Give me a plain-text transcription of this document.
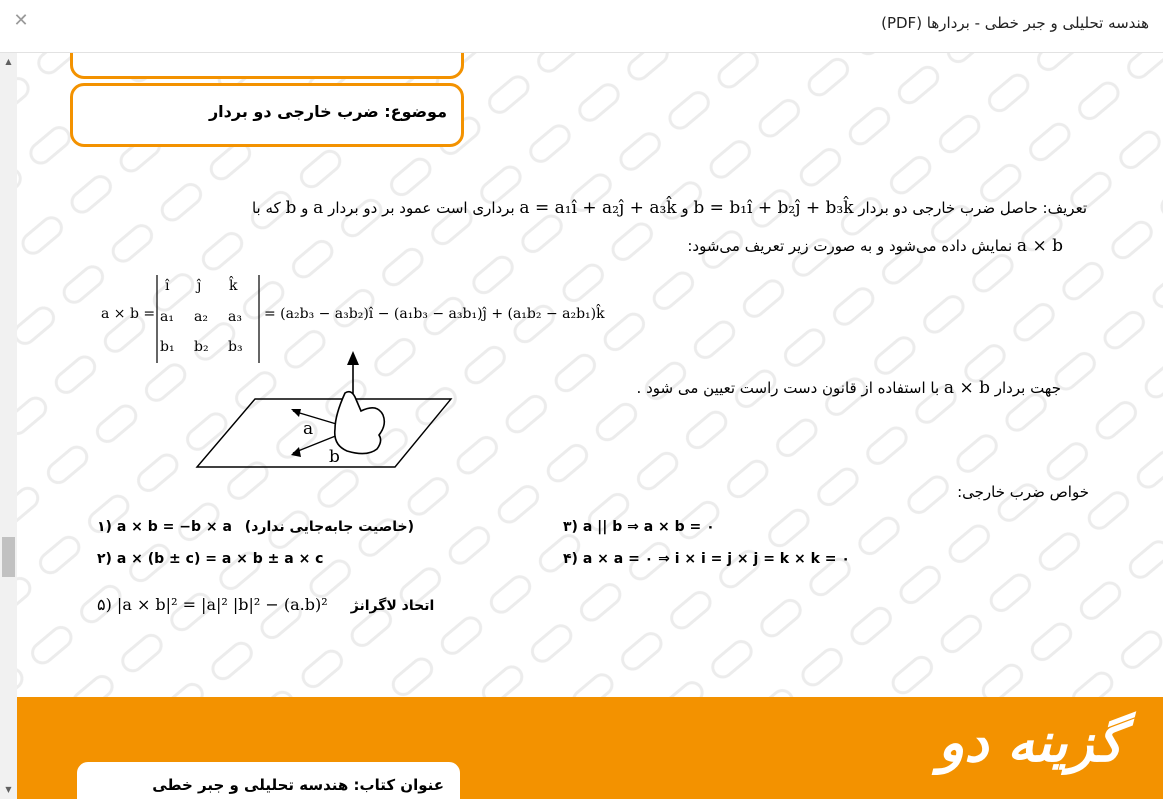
✕	هندسه تحلیلی و جبر خطی - بردارها (PDF)
▲
▼
موضوع: ضرب خارجی دو بردار
تعریف: حاصل ضرب خارجی دو بردار b = b₁î + b₂ĵ + b₃k̂ و a = a₁î + a₂ĵ + a₃k̂ برداری است عمود بر دو بردار a و b که با
a × b نمایش داده می‌شود و به صورت زیر تعریف می‌شود:
a × b =
î ĵ k̂
a₁ a₂ a₃
b₁ b₂ b₃
= (a₂b₃ − a₃b₂)î − (a₁b₃ − a₃b₁)ĵ + (a₁b₂ − a₂b₁)k̂
a
b
جهت بردار a × b با استفاده از قانون دست راست تعیین می شود .
خواص ضرب خارجی:
۱) a × b = −b × a (خاصیت جابه‌جایی ندارد)
۲) a × (b ± c) = a × b ± a × c
۳) a || b ⇒ a × b = ۰
۴) a × a = ۰ ⇒ i × i = j × j = k × k = ۰
۵) |a × b|² = |a|² |b|² − (a.b)² اتحاد لاگرانژ
گزینه دو
عنوان کتاب: هندسه تحلیلی و جبر خطی
